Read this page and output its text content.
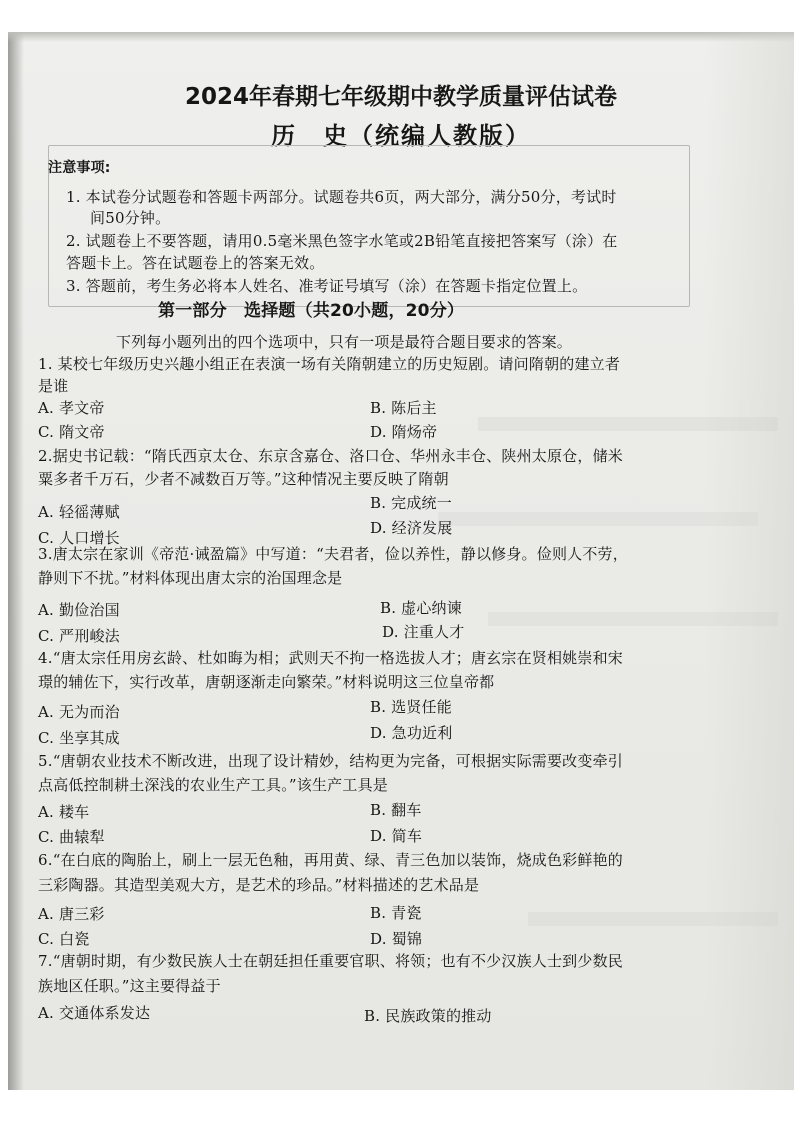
2024年春期七年级期中教学质量评估试卷
历　史（统编人教版）
注意事项:
1. 本试卷分试题卷和答题卡两部分。试题卷共6页，两大部分，满分50分，考试时
间50分钟。
2. 试题卷上不要答题，请用0.5毫米黑色签字水笔或2B铅笔直接把答案写（涂）在
答题卡上。答在试题卷上的答案无效。
3. 答题前，考生务必将本人姓名、准考证号填写（涂）在答题卡指定位置上。
第一部分　选择题（共20小题，20分）
下列每小题列出的四个选项中，只有一项是最符合题目要求的答案。
1. 某校七年级历史兴趣小组正在表演一场有关隋朝建立的历史短剧。请问隋朝的建立者
是谁
A. 孝文帝	B. 陈后主
C. 隋文帝	D. 隋炀帝
2.据史书记载：“隋氏西京太仓、东京含嘉仓、洛口仓、华州永丰仓、陕州太原仓，储米
粟多者千万石，少者不减数百万等。”这种情况主要反映了隋朝
A. 轻徭薄赋	B. 完成统一
C. 人口增长
D. 经济发展
3.唐太宗在家训《帝范·诫盈篇》中写道：“夫君者，俭以养性，静以修身。俭则人不劳，
静则下不扰。”材料体现出唐太宗的治国理念是
A. 勤俭治国	B. 虚心纳谏
C. 严刑峻法	D. 注重人才
4.“唐太宗任用房玄龄、杜如晦为相；武则天不拘一格选拔人才；唐玄宗在贤相姚崇和宋
璟的辅佐下，实行改革，唐朝逐渐走向繁荣。”材料说明这三位皇帝都
A. 无为而治	B. 选贤任能
C. 坐享其成	D. 急功近利
5.“唐朝农业技术不断改进，出现了设计精妙，结构更为完备，可根据实际需要改变牵引
点高低控制耕土深浅的农业生产工具。”该生产工具是
A. 耧车	B. 翻车
C. 曲辕犁	D. 简车
6.“在白底的陶胎上，刷上一层无色釉，再用黄、绿、青三色加以装饰，烧成色彩鲜艳的
三彩陶器。其造型美观大方，是艺术的珍品。”材料描述的艺术品是
A. 唐三彩	B. 青瓷
C. 白瓷	D. 蜀锦
7.“唐朝时期，有少数民族人士在朝廷担任重要官职、将领；也有不少汉族人士到少数民
族地区任职。”这主要得益于
A. 交通体系发达	B. 民族政策的推动
